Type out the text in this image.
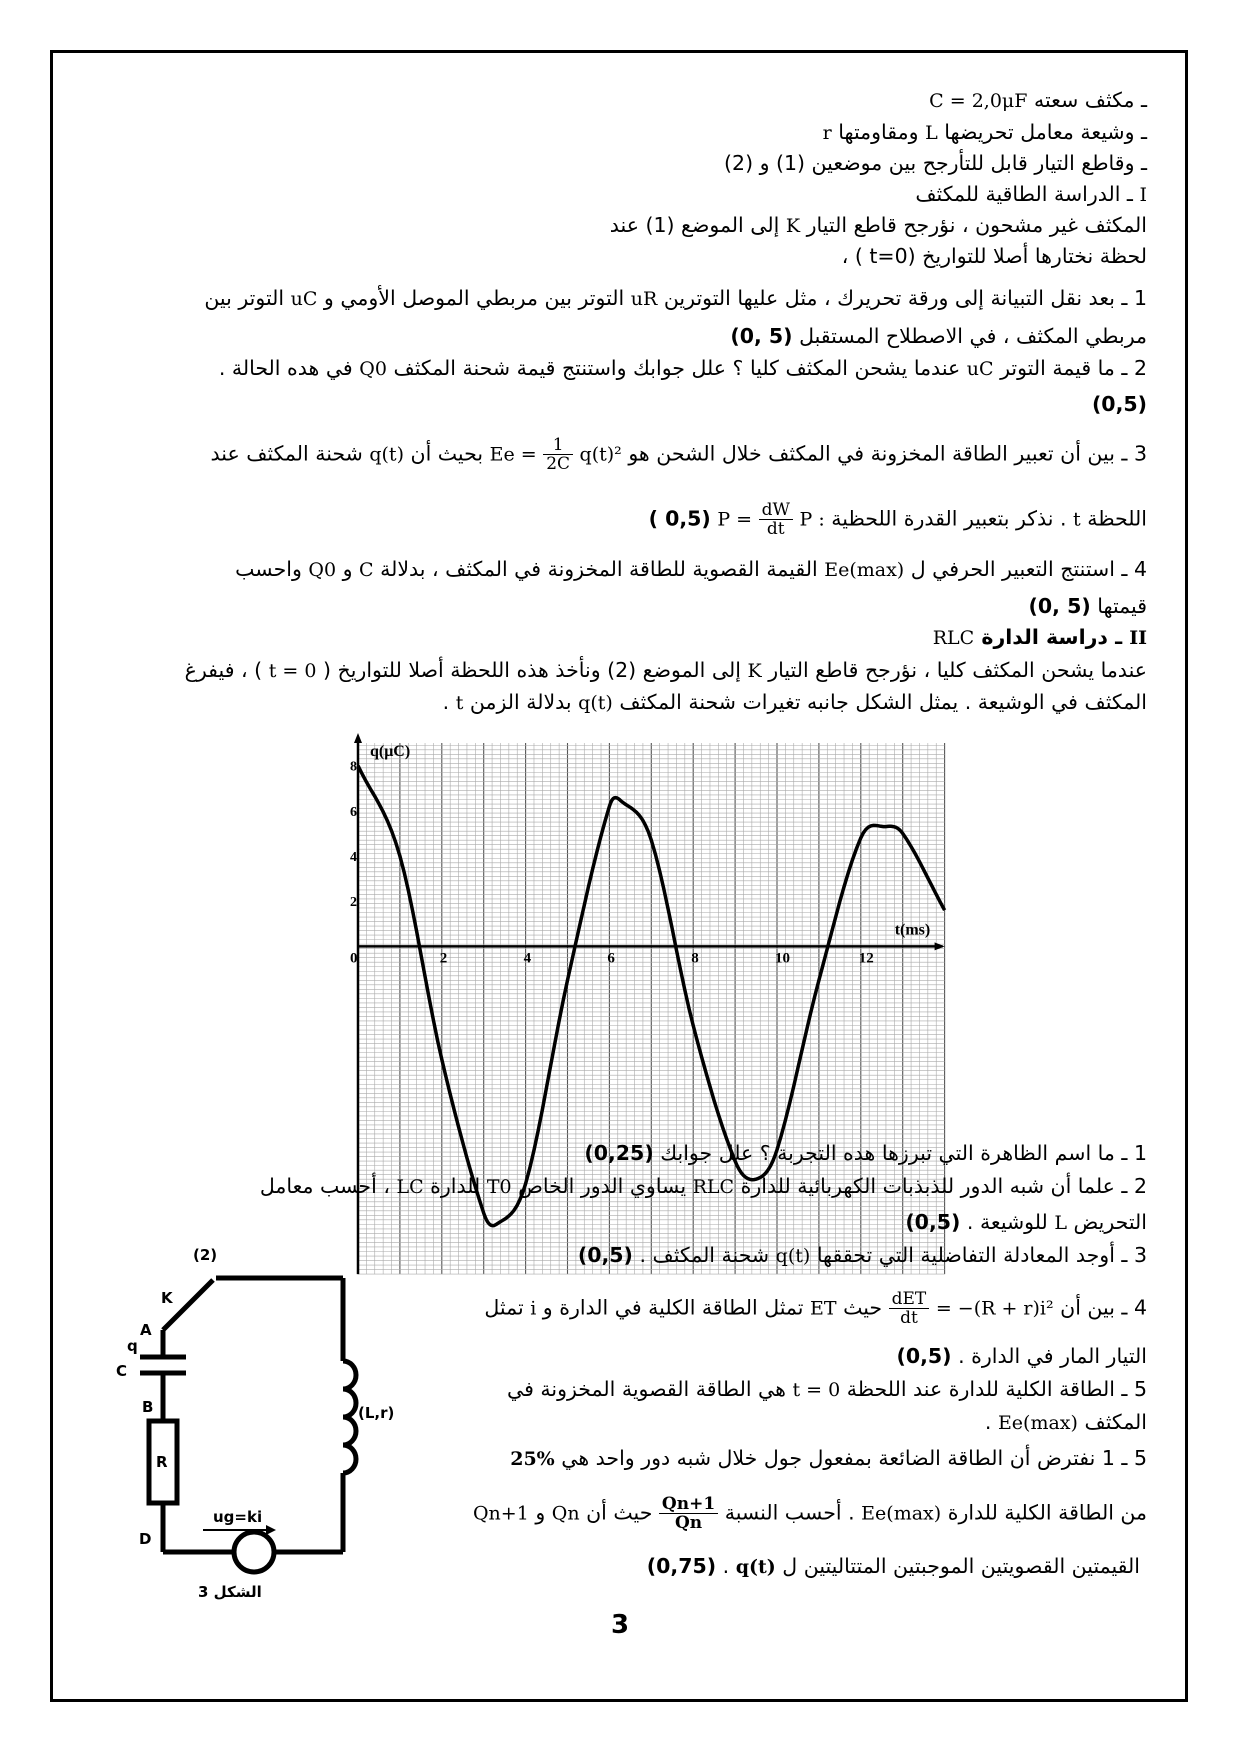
ـ مكثف سعته C = 2,0μF
ـ وشيعة معامل تحريضها L ومقاومتها r
ـ وقاطع التيار قابل للتأرجح بين موضعين (1) و (2)
I ـ الدراسة الطاقية للمكثف
المكثف غير مشحون ، نؤرجح قاطع التيار K إلى الموضع (1) عند
لحظة نختارها أصلا للتواريخ (t=0 ) ،
1 ـ بعد نقل التبيانة إلى ورقة تحريرك ، مثل عليها التوترين uR التوتر بين مربطي الموصل الأومي و uC التوتر بين
مربطي المكثف ، في الاصطلاح المستقبل (0, 5)
2 ـ ما قيمة التوتر uC عندما يشحن المكثف كليا ؟ علل جوابك واستنتج قيمة شحنة المكثف Q0 في هده الحالة .
(0,5)
3 ـ بين أن تعبير الطاقة المخزونة في المكثف خلال الشحن هو $Ee = \frac{1}{2C} q(t)^2$ بحيث أن q(t) شحنة المكثف عند
اللحظة t . نذكر بتعبير القدرة اللحظية P : $P = \frac{dW}{dt}$
( 0,5)
4 ـ استنتج التعبير الحرفي ل Ee(max) القيمة القصوية للطاقة المخزونة في المكثف ، بدلالة C و Q0 واحسب
قيمتها (0, 5)
II ـ دراسة الدارة RLC
عندما يشحن المكثف كليا ، نؤرجح قاطع التيار K إلى الموضع (2) ونأخذ هذه اللحظة أصلا للتواريخ ( t = 0 ) ، فيفرغ
المكثف في الوشيعة . يمثل الشكل جانبه تغيرات شحنة المكثف q(t) بدلالة الزمن t .
0	2	4	6	8	10	12
8
6
4
2
q(μC)
t(ms)
1 ـ ما اسم الظاهرة التي تبرزها هده التجربة ؟ علل جوابك (0,25)
2 ـ علما أن شبه الدور للذبذبات الكهربائية للدارة RLC يساوي الدور الخاص T0 للدارة LC ، أحسب معامل
التحريض L للوشيعة . (0,5)
3 ـ أوجد المعادلة التفاضلية التي تحققها q(t) شحنة المكثف . (0,5)
4 ـ بين أن
$\frac{\text{dET}}{dt} = -(R + r)i^2$ حيث ET تمثل الطاقة الكلية في الدارة و i تمثل
التيار المار في الدارة . (0,5)
5 ـ الطاقة الكلية للدارة عند اللحظة t = 0 هي الطاقة القصوية المخزونة في
المكثف Ee(max) .
5 ـ 1 نفترض أن الطاقة الضائعة بمفعول جول خلال شبه دور واحد هي 25%
من الطاقة الكلية للدارة Ee(max) . أحسب النسبة
$\frac{Qn+1}{Qn}$
حيث أن Qn و Qn+1
القيمتين القصويتين الموجبتين المتتاليتين ل q(t) . (0,75)
(2)
K
A
q
C
B
R
D
(L,r)
ug=ki
الشكل 3
3
